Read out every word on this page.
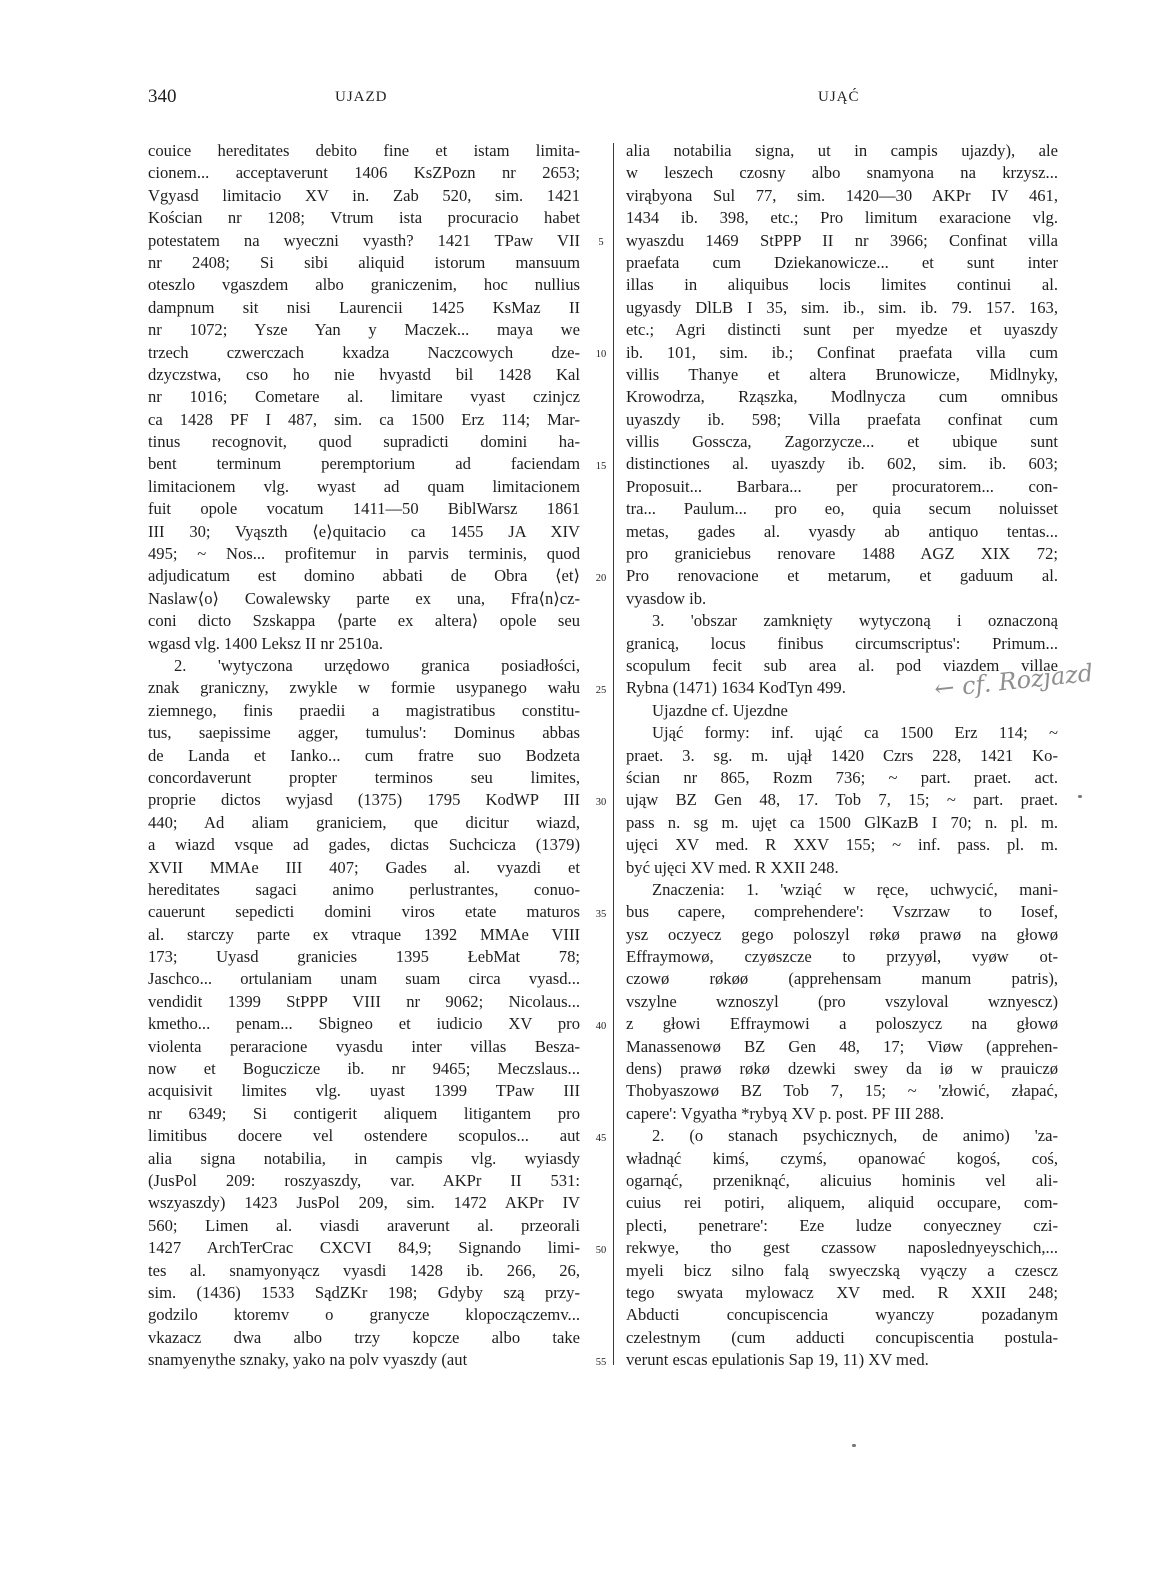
340	UJAZD	UJĄĆ
couice hereditates debito fine et istam limita-
cionem... acceptaverunt 1406 KsZPozn nr 2653;
Vgyasd limitacio XV in. Zab 520, sim. 1421
Kościan nr 1208; Vtrum ista procuracio habet
potestatem na wyeczni vyasth? 1421 TPaw VII
nr 2408; Si sibi aliquid istorum mansuum
oteszlo vgaszdem albo graniczenim, hoc nullius
dampnum sit nisi Laurencii 1425 KsMaz II
nr 1072; Ysze Yan y Maczek... maya we
trzech czwerczach kxadza Naczcowych dze-
dzyczstwa, cso ho nie hvyastd bil 1428 Kal
nr 1016; Cometare al. limitare vyast czinjcz
ca 1428 PF I 487, sim. ca 1500 Erz 114; Mar-
tinus recognovit, quod supradicti domini ha-
bent terminum peremptorium ad faciendam
limitacionem vlg. wyast ad quam limitacionem
fuit opole vocatum 1411—50 BiblWarsz 1861
III 30; Vyąszth ⟨e⟩quitacio ca 1455 JA XIV
495; ~ Nos... profitemur in parvis terminis, quod
adjudicatum est domino abbati de Obra ⟨et⟩
Naslaw⟨o⟩ Cowalewsky parte ex una, Ffra⟨n⟩cz-
coni dicto Szskappa ⟨parte ex altera⟩ opole seu
wgasd vlg. 1400 Leksz II nr 2510a.
2. 'wytyczona urzędowo granica posiadłości,
znak graniczny, zwykle w formie usypanego wału
ziemnego, finis praedii a magistratibus constitu-
tus, saepissime agger, tumulus': Dominus abbas
de Landa et Ianko... cum fratre suo Bodzeta
concordaverunt propter terminos seu limites,
proprie dictos wyjasd (1375) 1795 KodWP III
440; Ad aliam graniciem, que dicitur wiazd,
a wiazd vsque ad gades, dictas Suchcicza (1379)
XVII MMAe III 407; Gades al. vyazdi et
hereditates sagaci animo perlustrantes, conuo-
cauerunt sepedicti domini viros etate maturos
al. starczy parte ex vtraque 1392 MMAe VIII
173; Uyasd granicies 1395 ŁebMat 78;
Jaschco... ortulaniam unam suam circa vyasd...
vendidit 1399 StPPP VIII nr 9062; Nicolaus...
kmetho... penam... Sbigneo et iudicio XV pro
violenta peraracione vyasdu inter villas Besza-
now et Boguczicze ib. nr 9465; Meczslaus...
acquisivit limites vlg. uyast 1399 TPaw III
nr 6349; Si contigerit aliquem litigantem pro
limitibus docere vel ostendere scopulos... aut
alia signa notabilia, in campis vlg. wyiasdy
(JusPol 209: roszyaszdy, var. AKPr II 531:
wszyaszdy) 1423 JusPol 209, sim. 1472 AKPr IV
560; Limen al. viasdi araverunt al. przeorali
1427 ArchTerCrac CXCVI 84,9; Signando limi-
tes al. snamyonyącz vyasdi 1428 ib. 266, 26,
sim. (1436) 1533 SądZKr 198; Gdyby szą przy-
godzilo ktoremv o granycze klopoczączemv...
vkazacz dwa albo trzy kopcze albo take
snamyenythe sznaky, yako na polv vyaszdy (aut
5
10
15
20
25
30
35
40
45
50
55
alia notabilia signa, ut in campis ujazdy), ale
w leszech czosny albo snamyona na krzysz...
virąbyona Sul 77, sim. 1420—30 AKPr IV 461,
1434 ib. 398, etc.; Pro limitum exaracione vlg.
wyaszdu 1469 StPPP II nr 3966; Confinat villa
praefata cum Dziekanowicze... et sunt inter
illas in aliquibus locis limites continui al.
ugyasdy DlLB I 35, sim. ib., sim. ib. 79. 157. 163,
etc.; Agri distincti sunt per myedze et uyaszdy
ib. 101, sim. ib.; Confinat praefata villa cum
villis Thanye et altera Brunowicze, Midlnyky,
Krowodrza, Rząszka, Modlnycza cum omnibus
uyaszdy ib. 598; Villa praefata confinat cum
villis Gosscza, Zagorzycze... et ubique sunt
distinctiones al. uyaszdy ib. 602, sim. ib. 603;
Proposuit... Barbara... per procuratorem... con-
tra... Paulum... pro eo, quia secum noluisset
metas, gades al. vyasdy ab antiquo tentas...
pro graniciebus renovare 1488 AGZ XIX 72;
Pro renovacione et metarum, et gaduum al.
vyasdow ib.
3. 'obszar zamknięty wytyczoną i oznaczoną
granicą, locus finibus circumscriptus': Primum...
scopulum fecit sub area al. pod viazdem villae
Rybna (1471) 1634 KodTyn 499.
Ujazdne cf. Ujezdne
Ująć formy: inf. ująć ca 1500 Erz 114; ~
praet. 3. sg. m. ujął 1420 Czrs 228, 1421 Ko-
ścian nr 865, Rozm 736; ~ part. praet. act.
ująw BZ Gen 48, 17. Tob 7, 15; ~ part. praet.
pass n. sg m. ujęt ca 1500 GlKazB I 70; n. pl. m.
ujęci XV med. R XXV 155; ~ inf. pass. pl. m.
być ujęci XV med. R XXII 248.
Znaczenia: 1. 'wziąć w ręce, uchwycić, mani-
bus capere, comprehendere': Vszrzaw to Iosef,
ysz oczyecz gego poloszyl røkø prawø na głowø
Effraymowø, czyøszcze to przyyøl, vyøw ot-
czowø røkøø (apprehensam manum patris),
vszylne wznoszyl (pro vszyloval wznyescz)
z głowi Effraymowi a poloszycz na głowø
Manassenowø BZ Gen 48, 17; Viøw (apprehen-
dens) prawø røkø dzewki swey da iø w prauiczø
Thobyaszowø BZ Tob 7, 15; ~ 'złowić, złapać,
capere': Vgyatha *rybyą XV p. post. PF III 288.
2. (o stanach psychicznych, de animo) 'za-
władnąć kimś, czymś, opanować kogoś, coś,
ogarnąć, przeniknąć, alicuius hominis vel ali-
cuius rei potiri, aliquem, aliquid occupare, com-
plecti, penetrare': Eze ludze conyeczney czi-
rekwye, tho gest czassow naposlednyeyschich,...
myeli bicz silno falą swyeczską vyączy a czescz
tego swyata mylowacz XV med. R XXII 248;
Abducti concupiscencia wyanczy pozadanym
czelestnym (cum adducti concupiscentia postula-
verunt escas epulationis Sap 19, 11) XV med.
← cf. Rozjazd
